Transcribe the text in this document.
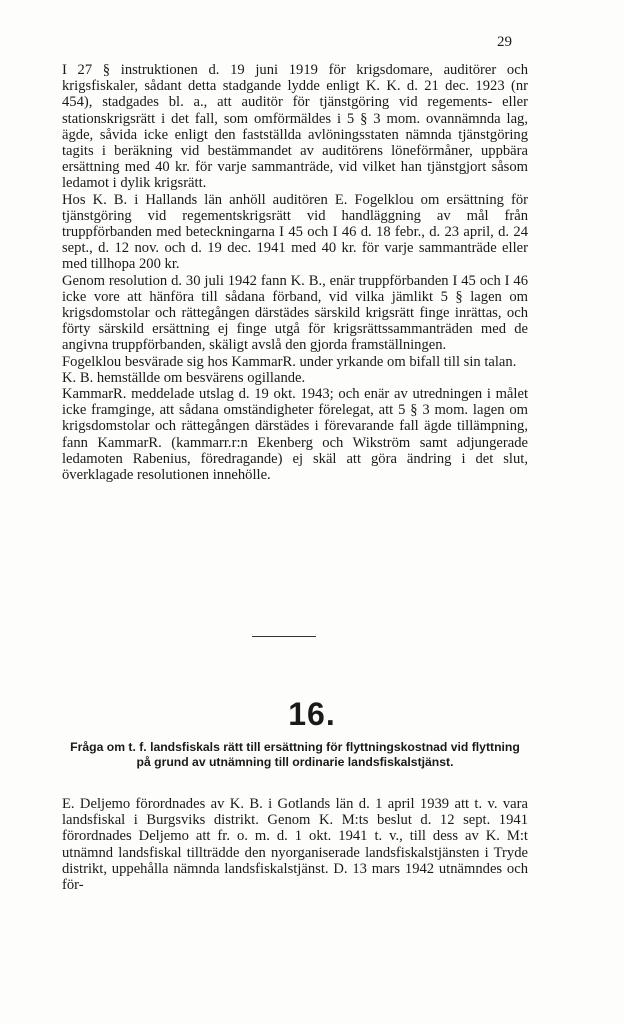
29

I 27 § instruktionen d. 19 juni 1919 för krigsdomare, auditörer och krigsfiskaler, sådant detta stadgande lydde enligt K. K. d. 21 dec. 1923 (nr 454), stadgades bl. a., att auditör för tjänstgöring vid regements- eller stationskrigsrätt i det fall, som omförmäldes i 5 § 3 mom. ovannämnda lag, ägde, såvida icke enligt den fastställda avlöningsstaten nämnda tjänstgöring tagits i beräkning vid bestämmandet av auditörens löneförmåner, uppbära ersättning med 40 kr. för varje sammanträde, vid vilket han tjänstgjort såsom ledamot i dylik krigsrätt.

Hos K. B. i Hallands län anhöll auditören E. Fogelklou om ersättning för tjänstgöring vid regementskrigsrätt vid handläggning av mål från truppförbanden med beteckningarna I 45 och I 46 d. 18 febr., d. 23 april, d. 24 sept., d. 12 nov. och d. 19 dec. 1941 med 40 kr. för varje sammanträde eller med tillhopa 200 kr.

Genom resolution d. 30 juli 1942 fann K. B., enär truppförbanden I 45 och I 46 icke vore att hänföra till sådana förband, vid vilka jämlikt 5 § lagen om krigsdomstolar och rättegången därstädes särskild krigsrätt finge inrättas, och förty särskild ersättning ej finge utgå för krigsrättssammanträden med de angivna truppförbanden, skäligt avslå den gjorda framställningen.

Fogelklou besvärade sig hos KammarR. under yrkande om bifall till sin talan.

K. B. hemställde om besvärens ogillande.

KammarR. meddelade utslag d. 19 okt. 1943; och enär av utredningen i målet icke framginge, att sådana omständigheter förelegat, att 5 § 3 mom. lagen om krigsdomstolar och rättegången därstädes i förevarande fall ägde tillämpning, fann KammarR. (kammarr.r:n Ekenberg och Wikström samt adjungerade ledamoten Rabenius, föredragande) ej skäl att göra ändring i det slut, överklagade resolutionen innehölle.

16.
Fråga om t. f. landsfiskals rätt till ersättning för flyttningskostnad vid flyttning på grund av utnämning till ordinarie landsfiskalstjänst.

E. Deljemo förordnades av K. B. i Gotlands län d. 1 april 1939 att t. v. vara landsfiskal i Burgsviks distrikt. Genom K. M:ts beslut d. 12 sept. 1941 förordnades Deljemo att fr. o. m. d. 1 okt. 1941 t. v., till dess av K. M:t utnämnd landsfiskal tillträdde den nyorganiserade landsfiskalstjänsten i Tryde distrikt, uppehålla nämnda landsfiskalstjänst. D. 13 mars 1942 utnämndes och för-
